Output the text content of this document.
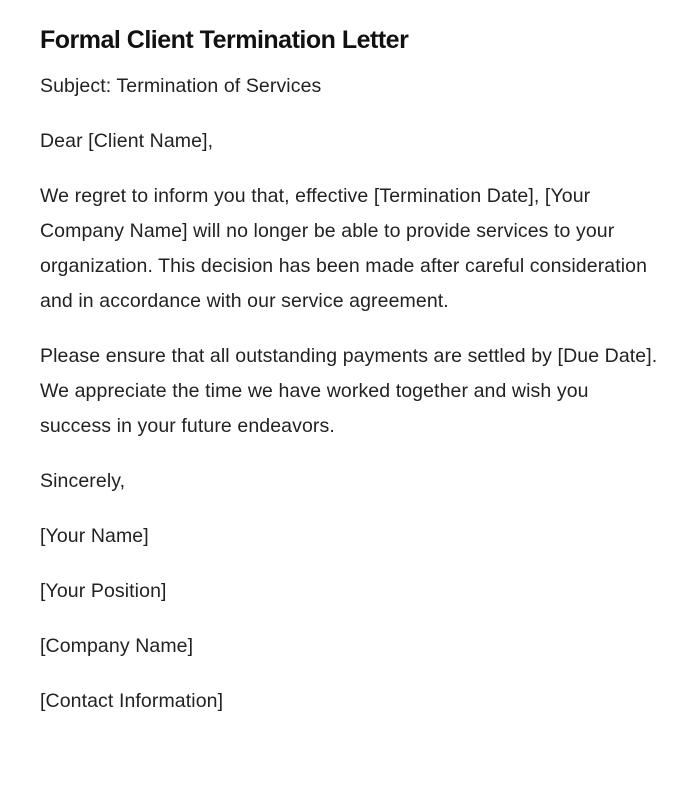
Formal Client Termination Letter

Subject: Termination of Services

Dear [Client Name],

We regret to inform you that, effective [Termination Date], [Your Company Name] will no longer be able to provide services to your organization. This decision has been made after careful consideration and in accordance with our service agreement.

Please ensure that all outstanding payments are settled by [Due Date]. We appreciate the time we have worked together and wish you success in your future endeavors.

Sincerely,

[Your Name]

[Your Position]

[Company Name]

[Contact Information]
